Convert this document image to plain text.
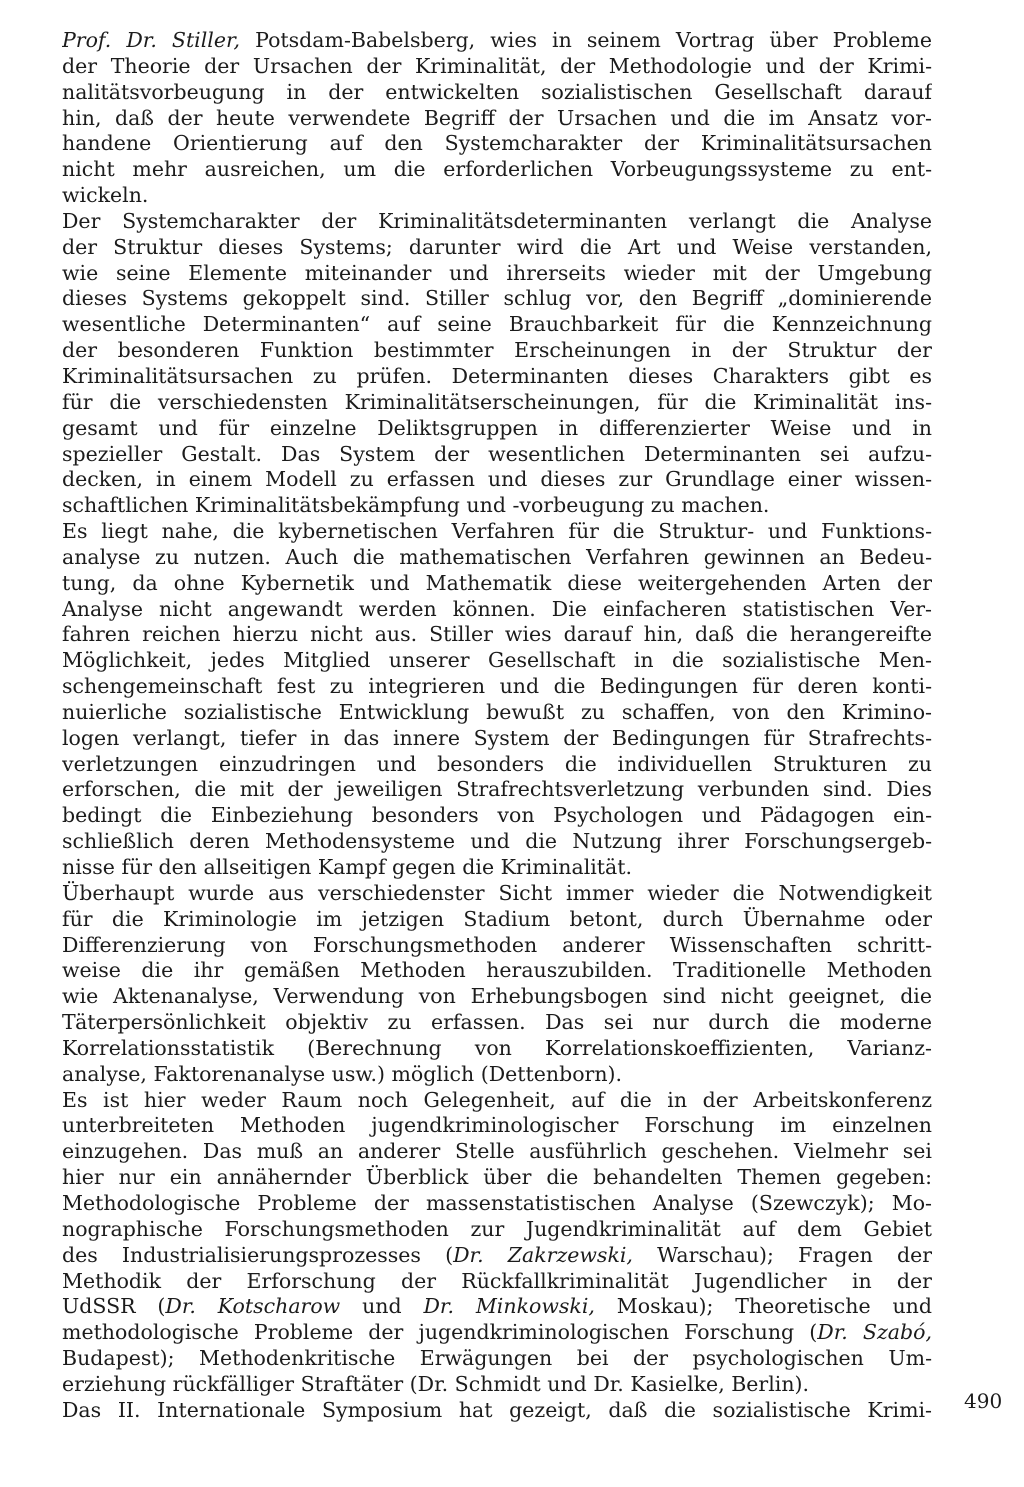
Prof. Dr. Stiller, Potsdam-Babelsberg, wies in seinem Vortrag über Probleme
der Theorie der Ursachen der Kriminalität, der Methodologie und der Krimi-
nalitätsvorbeugung in der entwickelten sozialistischen Gesellschaft darauf
hin, daß der heute verwendete Begriff der Ursachen und die im Ansatz vor-
handene Orientierung auf den Systemcharakter der Kriminalitätsursachen
nicht mehr ausreichen, um die erforderlichen Vorbeugungssysteme zu ent-
wickeln.
Der Systemcharakter der Kriminalitätsdeterminanten verlangt die Analyse
der Struktur dieses Systems; darunter wird die Art und Weise verstanden,
wie seine Elemente miteinander und ihrerseits wieder mit der Umgebung
dieses Systems gekoppelt sind. Stiller schlug vor, den Begriff „dominierende
wesentliche Determinanten“ auf seine Brauchbarkeit für die Kennzeichnung
der besonderen Funktion bestimmter Erscheinungen in der Struktur der
Kriminalitätsursachen zu prüfen. Determinanten dieses Charakters gibt es
für die verschiedensten Kriminalitätserscheinungen, für die Kriminalität ins-
gesamt und für einzelne Deliktsgruppen in differenzierter Weise und in
spezieller Gestalt. Das System der wesentlichen Determinanten sei aufzu-
decken, in einem Modell zu erfassen und dieses zur Grundlage einer wissen-
schaftlichen Kriminalitätsbekämpfung und -vorbeugung zu machen.
Es liegt nahe, die kybernetischen Verfahren für die Struktur- und Funktions-
analyse zu nutzen. Auch die mathematischen Verfahren gewinnen an Bedeu-
tung, da ohne Kybernetik und Mathematik diese weitergehenden Arten der
Analyse nicht angewandt werden können. Die einfacheren statistischen Ver-
fahren reichen hierzu nicht aus. Stiller wies darauf hin, daß die herangereifte
Möglichkeit, jedes Mitglied unserer Gesellschaft in die sozialistische Men-
schengemeinschaft fest zu integrieren und die Bedingungen für deren konti-
nuierliche sozialistische Entwicklung bewußt zu schaffen, von den Krimino-
logen verlangt, tiefer in das innere System der Bedingungen für Strafrechts-
verletzungen einzudringen und besonders die individuellen Strukturen zu
erforschen, die mit der jeweiligen Strafrechtsverletzung verbunden sind. Dies
bedingt die Einbeziehung besonders von Psychologen und Pädagogen ein-
schließlich deren Methodensysteme und die Nutzung ihrer Forschungsergeb-
nisse für den allseitigen Kampf gegen die Kriminalität.
Überhaupt wurde aus verschiedenster Sicht immer wieder die Notwendigkeit
für die Kriminologie im jetzigen Stadium betont, durch Übernahme oder
Differenzierung von Forschungsmethoden anderer Wissenschaften schritt-
weise die ihr gemäßen Methoden herauszubilden. Traditionelle Methoden
wie Aktenanalyse, Verwendung von Erhebungsbogen sind nicht geeignet, die
Täterpersönlichkeit objektiv zu erfassen. Das sei nur durch die moderne
Korrelationsstatistik (Berechnung von Korrelationskoeffizienten, Varianz-
analyse, Faktorenanalyse usw.) möglich (Dettenborn).
Es ist hier weder Raum noch Gelegenheit, auf die in der Arbeitskonferenz
unterbreiteten Methoden jugendkriminologischer Forschung im einzelnen
einzugehen. Das muß an anderer Stelle ausführlich geschehen. Vielmehr sei
hier nur ein annähernder Überblick über die behandelten Themen gegeben:
Methodologische Probleme der massenstatistischen Analyse (Szewczyk); Mo-
nographische Forschungsmethoden zur Jugendkriminalität auf dem Gebiet
des Industrialisierungsprozesses (Dr. Zakrzewski, Warschau); Fragen der
Methodik der Erforschung der Rückfallkriminalität Jugendlicher in der
UdSSR (Dr. Kotscharow und Dr. Minkowski, Moskau); Theoretische und
methodologische Probleme der jugendkriminologischen Forschung (Dr. Szabó,
Budapest); Methodenkritische Erwägungen bei der psychologischen Um-
erziehung rückfälliger Straftäter (Dr. Schmidt und Dr. Kasielke, Berlin).
Das II. Internationale Symposium hat gezeigt, daß die sozialistische Krimi- 490
